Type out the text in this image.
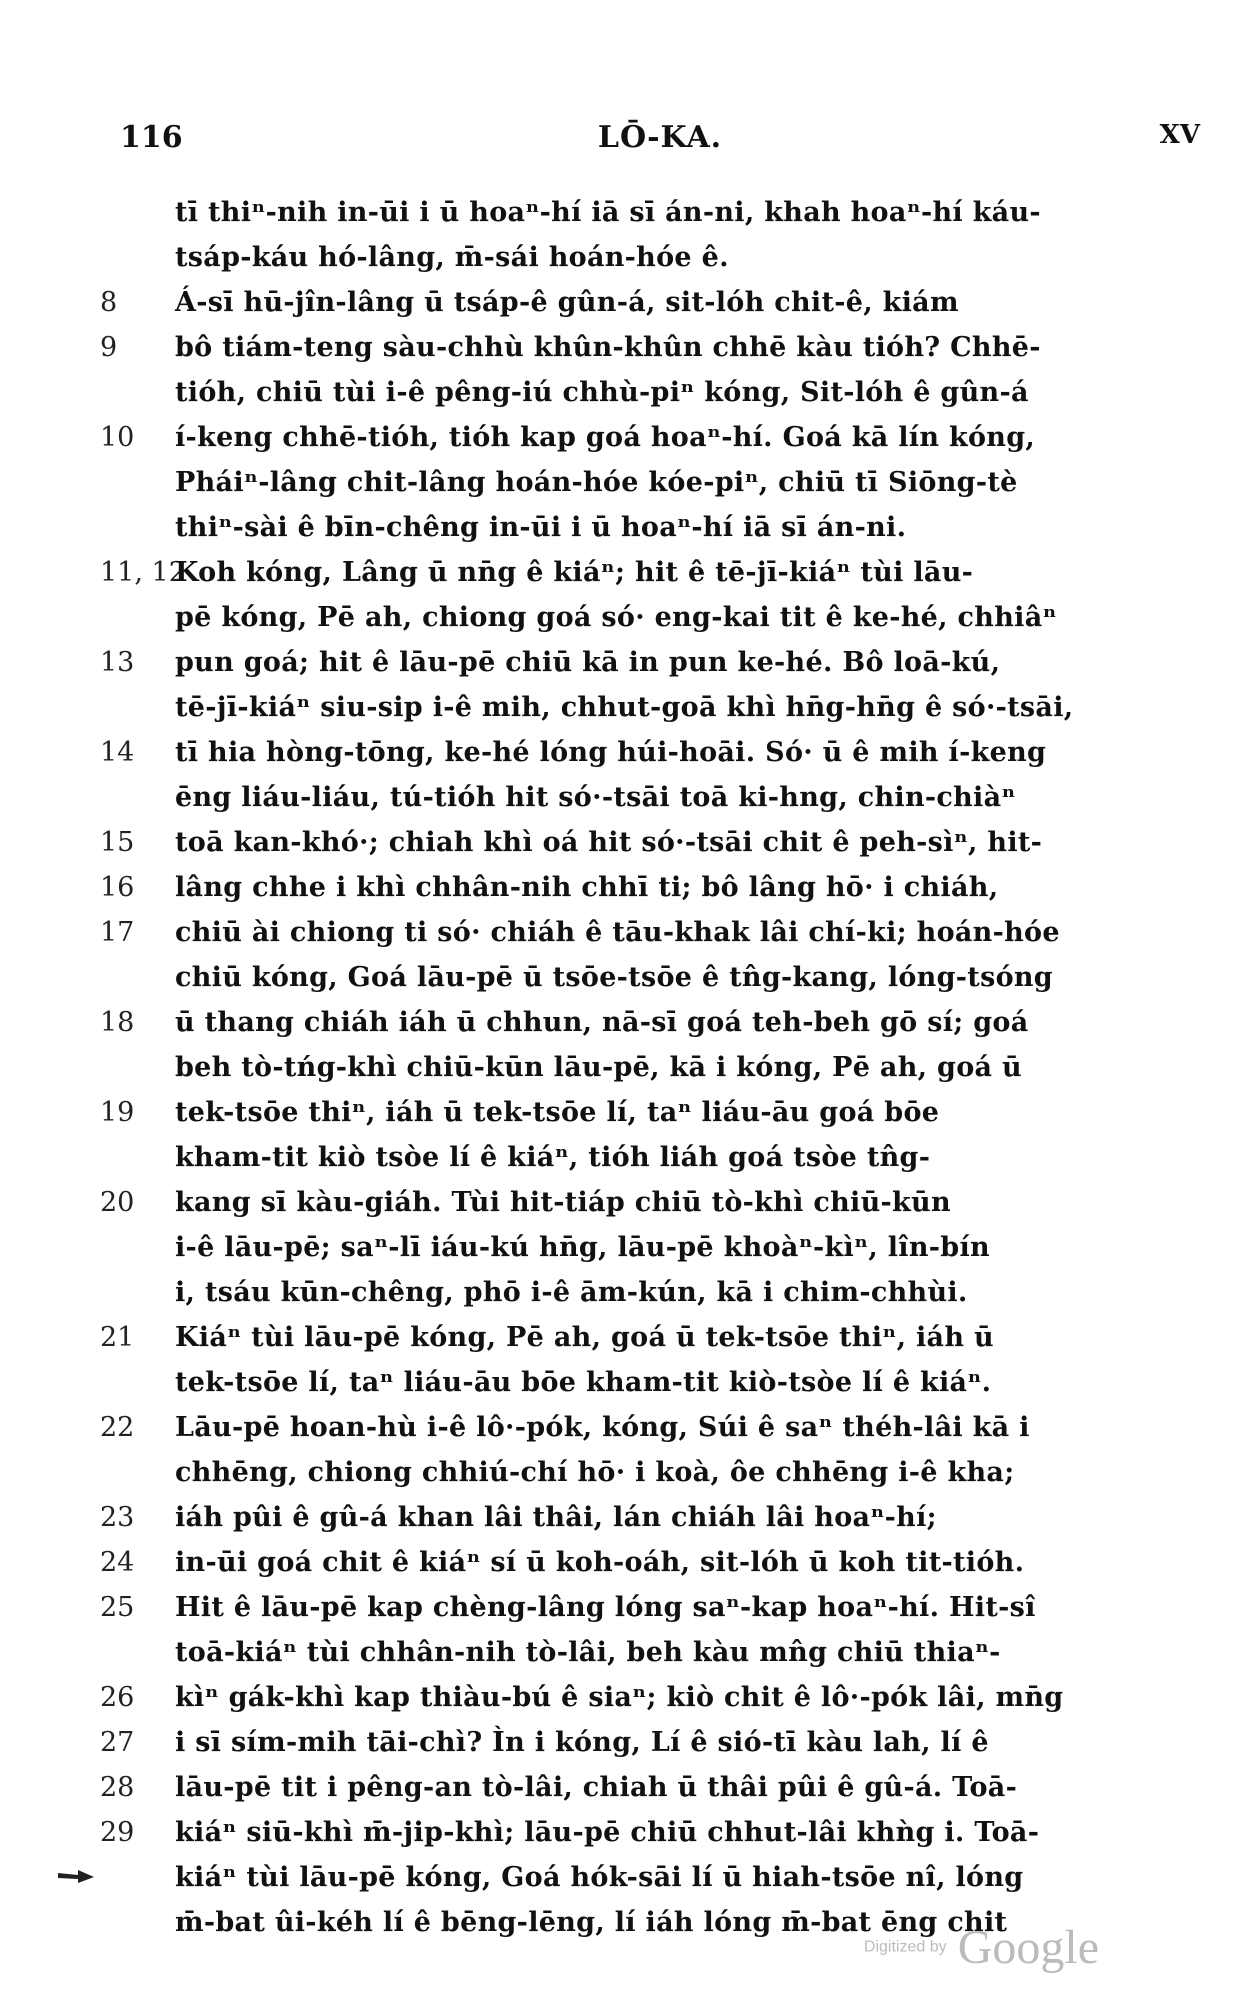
116	LŌ-KA.	XV
tī thiⁿ-nih in-ūi i ū hoaⁿ-hí iā sī án-ni, khah hoaⁿ-hí káu-
tsáp-káu hó-lâng, m̄-sái hoán-hóe ê.
8	Á-sī hū-jîn-lâng ū tsáp-ê gûn-á, sit-lóh chit-ê, kiám
9	bô tiám-teng sàu-chhù khûn-khûn chhē kàu tióh? Chhē-
tióh, chiū tùi i-ê pêng-iú chhù-piⁿ kóng, Sit-lóh ê gûn-á
10	í-keng chhē-tióh, tióh kap goá hoaⁿ-hí. Goá kā lín kóng,
Pháiⁿ-lâng chit-lâng hoán-hóe kóe-piⁿ, chiū tī Siōng-tè
thiⁿ-sài ê bīn-chêng in-ūi i ū hoaⁿ-hí iā sī án-ni.
11, 12
Koh kóng, Lâng ū nn̄g ê kiáⁿ; hit ê tē-jī-kiáⁿ tùi lāu-
pē kóng, Pē ah, chiong goá só· eng-kai tit ê ke-hé, chhiâⁿ
13	pun goá; hit ê lāu-pē chiū kā in pun ke-hé. Bô loā-kú,
tē-jī-kiáⁿ siu-sip i-ê mih, chhut-goā khì hn̄g-hn̄g ê só·-tsāi,
14	tī hia hòng-tōng, ke-hé lóng húi-hoāi. Só· ū ê mih í-keng
ēng liáu-liáu, tú-tióh hit só·-tsāi toā ki-hng, chin-chiàⁿ
15	toā kan-khó·; chiah khì oá hit só·-tsāi chit ê peh-sìⁿ, hit-
16	lâng chhe i khì chhân-nih chhī ti; bô lâng hō· i chiáh,
17	chiū ài chiong ti só· chiáh ê tāu-khak lâi chí-ki; hoán-hóe
chiū kóng, Goá lāu-pē ū tsōe-tsōe ê tn̂g-kang, lóng-tsóng
18	ū thang chiáh iáh ū chhun, nā-sī goá teh-beh gō sí; goá
beh tò-tńg-khì chiū-kūn lāu-pē, kā i kóng, Pē ah, goá ū
19	tek-tsōe thiⁿ, iáh ū tek-tsōe lí, taⁿ liáu-āu goá bōe
kham-tit kiò tsòe lí ê kiáⁿ, tióh liáh goá tsòe tn̂g-
20	kang sī kàu-giáh. Tùi hit-tiáp chiū tò-khì chiū-kūn
i-ê lāu-pē; saⁿ-lī iáu-kú hn̄g, lāu-pē khoàⁿ-kìⁿ, lîn-bín
i, tsáu kūn-chêng, phō i-ê ām-kún, kā i chim-chhùi.
21	Kiáⁿ tùi lāu-pē kóng, Pē ah, goá ū tek-tsōe thiⁿ, iáh ū
tek-tsōe lí, taⁿ liáu-āu bōe kham-tit kiò-tsòe lí ê kiáⁿ.
22	Lāu-pē hoan-hù i-ê lô·-pók, kóng, Súi ê saⁿ théh-lâi kā i
chhēng, chiong chhiú-chí hō· i koà, ôe chhēng i-ê kha;
23	iáh pûi ê gû-á khan lâi thâi, lán chiáh lâi hoaⁿ-hí;
24	in-ūi goá chit ê kiáⁿ sí ū koh-oáh, sit-lóh ū koh tit-tióh.
25	Hit ê lāu-pē kap chèng-lâng lóng saⁿ-kap hoaⁿ-hí. Hit-sî
toā-kiáⁿ tùi chhân-nih tò-lâi, beh kàu mn̂g chiū thiaⁿ-
26	kìⁿ gák-khì kap thiàu-bú ê siaⁿ; kiò chit ê lô·-pók lâi, mn̄g
27	i sī sím-mih tāi-chì? Ìn i kóng, Lí ê sió-tī kàu lah, lí ê
28	lāu-pē tit i pêng-an tò-lâi, chiah ū thâi pûi ê gû-á. Toā-
29	kiáⁿ siū-khì m̄-jip-khì; lāu-pē chiū chhut-lâi khǹg i. Toā-
kiáⁿ tùi lāu-pē kóng, Goá hók-sāi lí ū hiah-tsōe nî, lóng
m̄-bat ûi-kéh lí ê bēng-lēng, lí iáh lóng m̄-bat ēng chit
Digitized by Google
